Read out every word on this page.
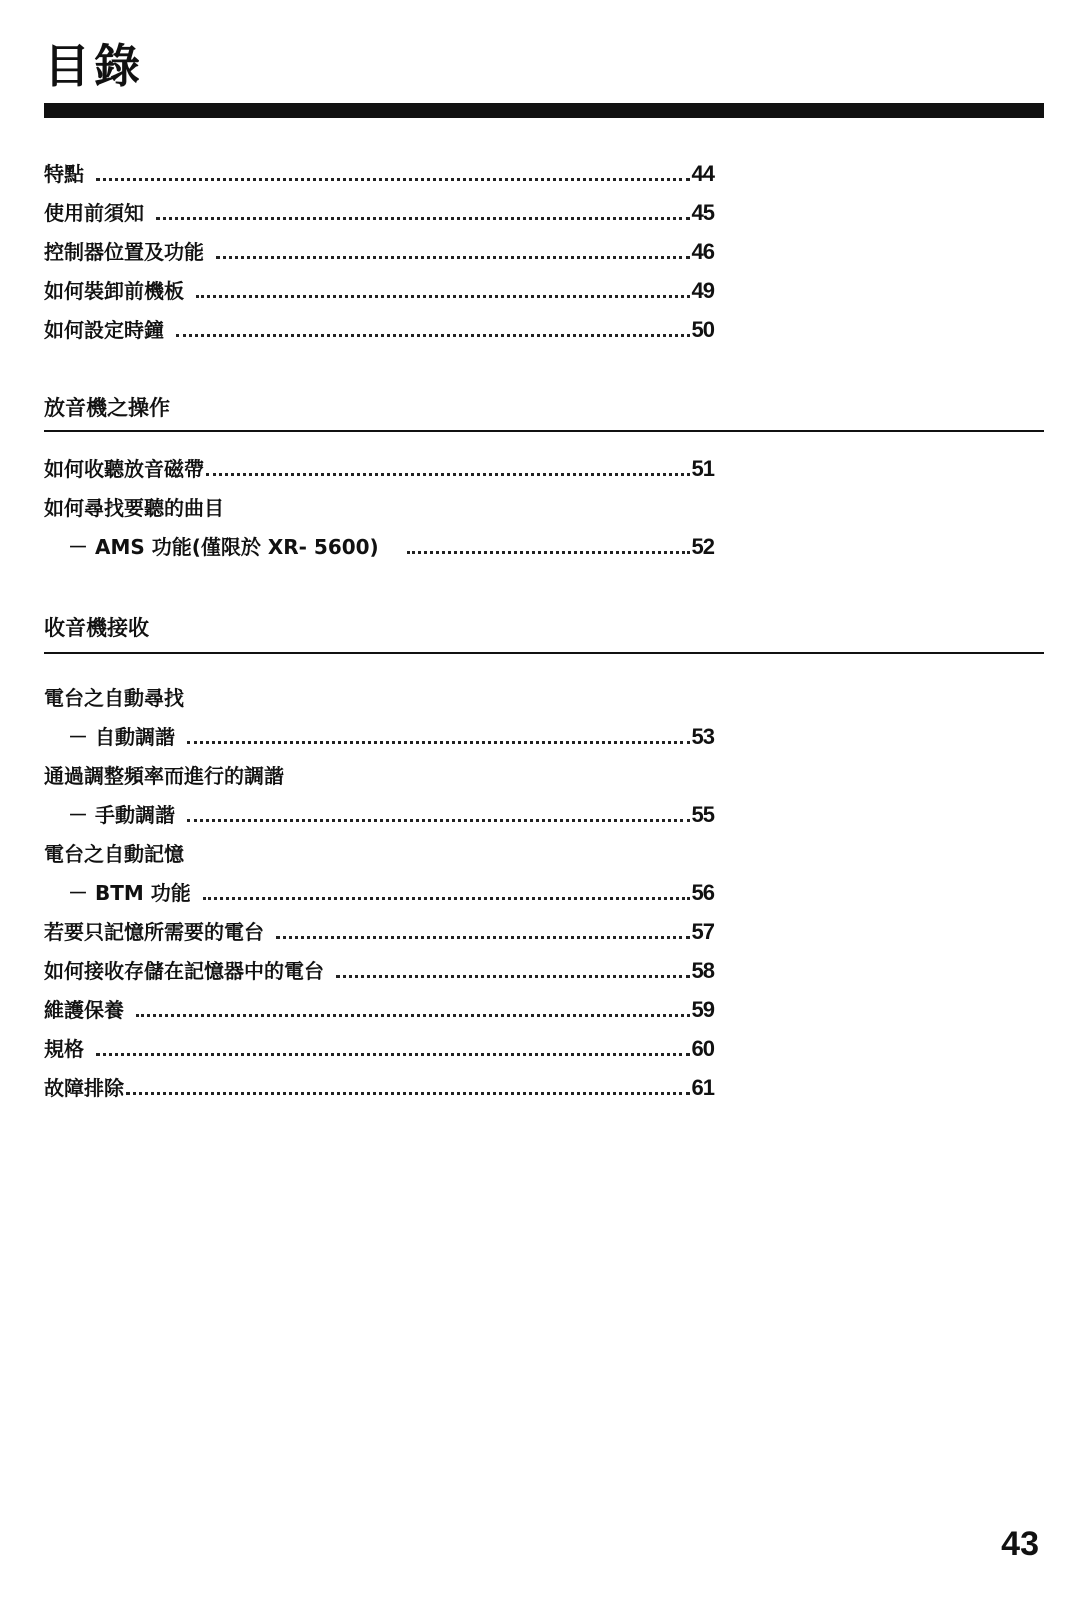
目錄
特點	44
使用前須知	45
控制器位置及功能	46
如何裝卸前機板	49
如何設定時鐘	50
放音機之操作
如何收聽放音磁帶	51
如何尋找要聽的曲目
－ AMS 功能(僅限於 XR- 5600)	52
收音機接收
電台之自動尋找
－ 自動調諧	53
通過調整頻率而進行的調諧
－ 手動調諧	55
電台之自動記憶
－ BTM 功能	56
若要只記憶所需要的電台	57
如何接收存儲在記憶器中的電台	58
維護保養	59
規格	60
故障排除	61
43
